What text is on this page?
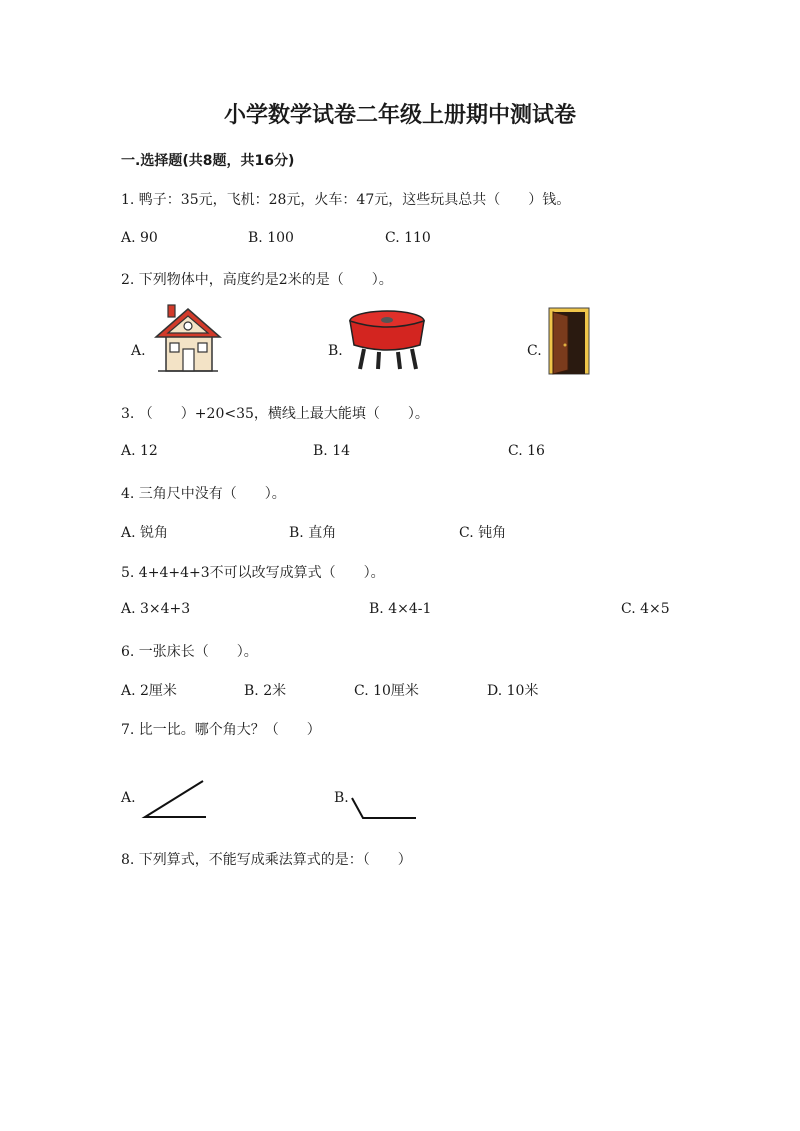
小学数学试卷二年级上册期中测试卷
一.选择题(共8题，共16分)
1. 鸭子：35元，飞机：28元，火车：47元，这些玩具总共（　　）钱。
A. 90	B. 100	C. 110
2. 下列物体中，高度约是2米的是（　　）。
A.	B.	C.
3. （　　）+20<35，横线上最大能填（　　）。
A. 12	B. 14	C. 16
4. 三角尺中没有（　　）。
A. 锐角	B. 直角	C. 钝角
5. 4+4+4+3不可以改写成算式（　　）。
A. 3×4+3	B. 4×4-1	C. 4×5
6. 一张床长（　　）。
A. 2厘米	B. 2米	C. 10厘米	D. 10米
7. 比一比。哪个角大？（　　）
A.	B.
8. 下列算式，不能写成乘法算式的是：（　　）
